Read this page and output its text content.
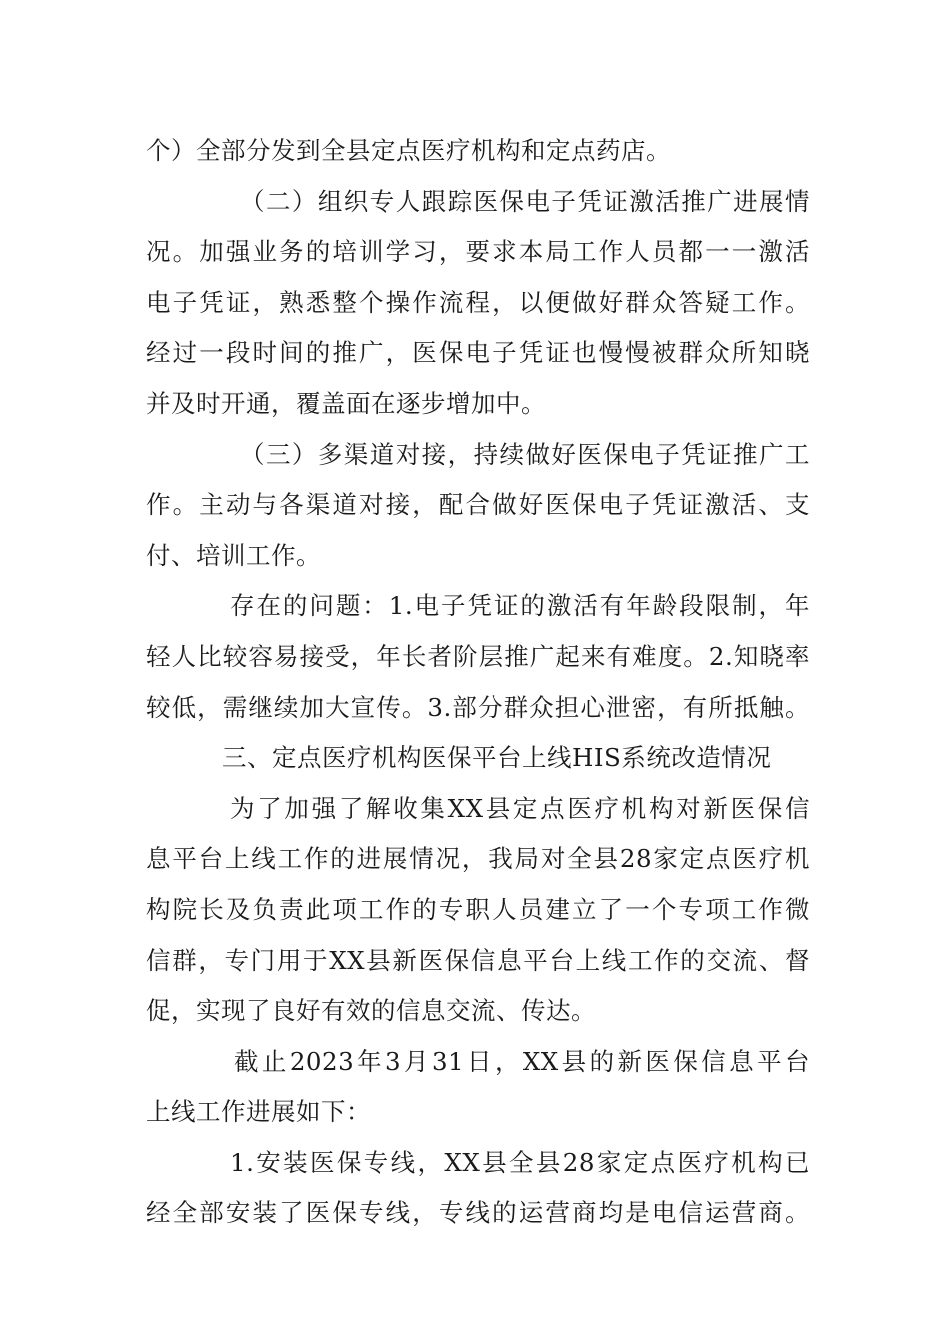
个）全部分发到全县定点医疗机构和定点药店。
（二）组织专人跟踪医保电子凭证激活推广进展情
况。加强业务的培训学习，要求本局工作人员都一一激活
电子凭证，熟悉整个操作流程，以便做好群众答疑工作。
经过一段时间的推广，医保电子凭证也慢慢被群众所知晓
并及时开通，覆盖面在逐步增加中。
（三）多渠道对接，持续做好医保电子凭证推广工
作。主动与各渠道对接，配合做好医保电子凭证激活、支
付、培训工作。
存在的问题：1.电子凭证的激活有年龄段限制，年
轻人比较容易接受，年长者阶层推广起来有难度。2.知晓率
较低，需继续加大宣传。3.部分群众担心泄密，有所抵触。
三、定点医疗机构医保平台上线HIS系统改造情况
为了加强了解收集XX县定点医疗机构对新医保信
息平台上线工作的进展情况，我局对全县28家定点医疗机
构院长及负责此项工作的专职人员建立了一个专项工作微
信群，专门用于XX县新医保信息平台上线工作的交流、督
促，实现了良好有效的信息交流、传达。
截止2023年3月31日，XX县的新医保信息平台
上线工作进展如下：
1.安装医保专线，XX县全县28家定点医疗机构已
经全部安装了医保专线，专线的运营商均是电信运营商。
